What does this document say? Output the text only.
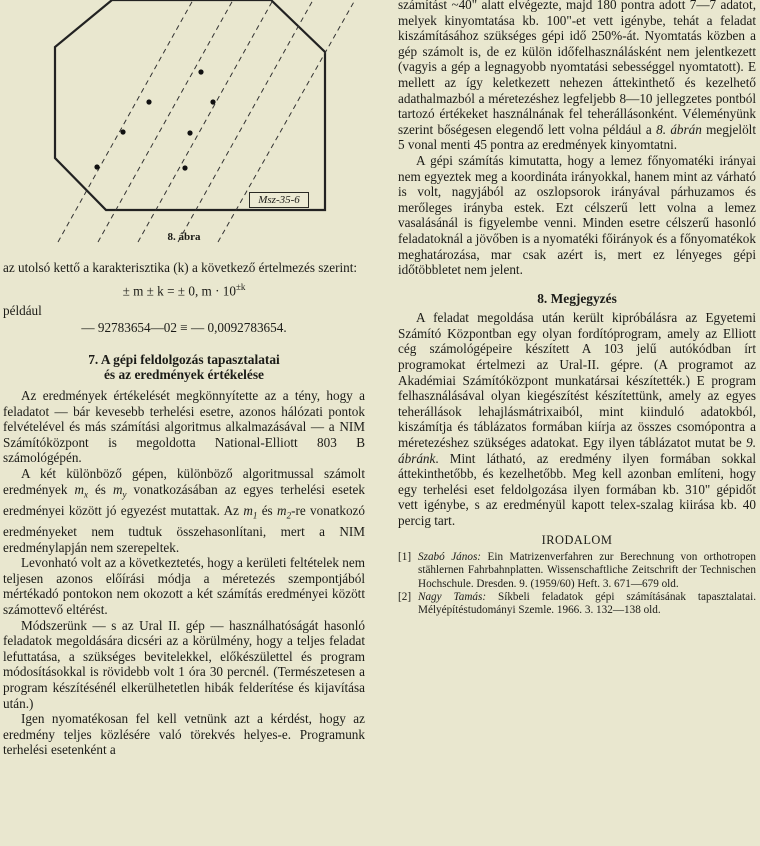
Msz-35-6
8. ábra

az utolsó kettő a karakterisztika (k) a következő értelmezés szerint:

± m ± k = ± 0, $m \cdot 10^{\pm k}$

például

— 92783654—02 ≡ — 0,0092783654.
7. A gépi feldolgozás tapasztalatai
és az eredmények értékelése

Az eredmények értékelését megkönnyítette az a tény, hogy a feladatot — bár kevesebb terhelési esetre, azonos hálózati pontok felvételével és más számítási algoritmus alkalmazásával — a NIM Számítóközpont is megoldotta National-Elliott 803 B számológépén.

A két különböző gépen, különböző algoritmussal számolt eredmények $m_x$ és $m_y$ vonatkozásában az egyes terhelési esetek eredményei között jó egyezést mutattak. Az $m_1$ és $m_2-re$ vonatkozó eredményeket nem tudtuk összehasonlítani, mert a NIM eredménylapján nem szerepeltek.

Levonható volt az a következtetés, hogy a kerületi feltételek nem teljesen azonos előírási módja a méretezés szempontjából mértékadó pontokon nem okozott a két számítás eredményei között számottevő eltérést.

Módszerünk — s az Ural II. gép — használhatóságát hasonló feladatok megoldására dicséri az a körülmény, hogy a teljes feladat lefuttatása, a szükséges bevitelekkel, előkészülettel és program módosításokkal is rövidebb volt 1 óra 30 percnél. (Természetesen a program készítésénél elkerülhetetlen hibák felderítése és kijavítása után.)

Igen nyomatékosan fel kell vetnünk azt a kérdést, hogy az eredmény teljes közlésére való törekvés helyes-e. Programunk terhelési esetenként a

számítást ~40" alatt elvégezte, majd 180 pontra adott 7—7 adatot, melyek kinyomtatása kb. 100"-et vett igénybe, tehát a feladat kiszámításához szükséges gépi idő 250%-át. Nyomtatás közben a gép számolt is, de ez külön időfelhasználásként nem jelentkezett (vagyis a gép a legnagyobb nyomtatási sebességgel nyomtatott). E mellett az így keletkezett nehezen áttekinthető és kezelhető adathalmazból a méretezéshez legfeljebb 8—10 jellegzetes pontból tartozó értékeket használnának fel teherállásonként. Véleményünk szerint bőségesen elegendő lett volna például a 8. ábrán megjelölt 5 vonal menti 45 pontra az eredmények kinyomtatni.

A gépi számítás kimutatta, hogy a lemez főnyomatéki irányai nem egyeztek meg a koordináta irányokkal, hanem mint az várható is volt, nagyjából az oszlopsorok irányával párhuzamos és merőleges irányba estek. Ezt célszerű lett volna a lemez vasalásánál is figyelembe venni. Minden esetre célszerű hasonló feladatoknál a jövőben is a nyomatéki főirányok és a főnyomatékok meghatározása, mar csak azért is, mert ez lényeges gépi időtöbbletet nem jelent.

8. Megjegyzés

A feladat megoldása után került kipróbálásra az Egyetemi Számító Központban egy olyan fordítóprogram, amely az Elliott cég számológépeire készített A 103 jelű autókódban írt programokat értelmezi az Ural-II. gépre. (A programot az Akadémiai Számítóközpont munkatársai készítették.) E program felhasználásával olyan kiegészítést készítettünk, amely az egyes teherállások lehajlásmátrixaiból, mint kiinduló adatokból, kiszámítja és táblázatos formában kiírja az összes csomópontra a méretezéshez szükséges adatokat. Egy ilyen táblázatot mutat be 9. ábránk. Mint látható, az eredmény ilyen formában sokkal áttekinthetőbb, és kezelhetőbb. Meg kell azonban említeni, hogy egy terhelési eset feldolgozása ilyen formában kb. 310" gépidőt vett igénybe, s az eredményül kapott telex-szalag kiirása kb. 40 percig tart.

IRODALOM
[1] Szabó János: Ein Matrizenverfahren zur Berechnung von orthotropen stählernen Fahrbahnplatten. Wissenschaftliche Zeitschrift der Technischen Hochschule. Dresden. 9. (1959/60) Heft. 3. 671—679 old.
[2] Nagy Tamás: Síkbeli feladatok gépi számításának tapasztalatai. Mélyépítéstudományi Szemle. 1966. 3. 132—138 old.
